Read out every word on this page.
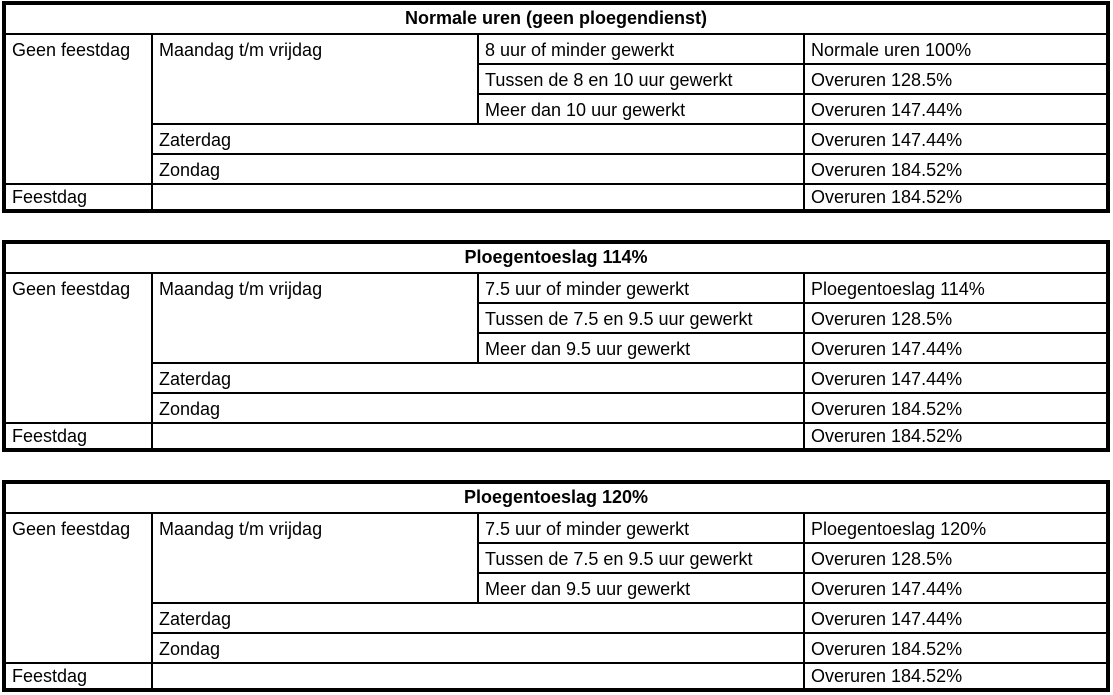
Normale uren (geen ploegendienst)			
Geen feestdag	Maandag t/m vrijdag	8 uur of minder gewerkt	Normale uren 100%
		Tussen de 8 en 10 uur gewerkt	Overuren 128.5%
		Meer dan 10 uur gewerkt	Overuren 147.44%
	Zaterdag		Overuren 147.44%
	Zondag		Overuren 184.52%
Feestdag			Overuren 184.52%
Ploegentoeslag 114%			
Geen feestdag	Maandag t/m vrijdag	7.5 uur of minder gewerkt	Ploegentoeslag 114%
		Tussen de 7.5 en 9.5 uur gewerkt	Overuren 128.5%
		Meer dan 9.5 uur gewerkt	Overuren 147.44%
	Zaterdag		Overuren 147.44%
	Zondag		Overuren 184.52%
Feestdag			Overuren 184.52%
Ploegentoeslag 120%			
Geen feestdag	Maandag t/m vrijdag	7.5 uur of minder gewerkt	Ploegentoeslag 120%
		Tussen de 7.5 en 9.5 uur gewerkt	Overuren 128.5%
		Meer dan 9.5 uur gewerkt	Overuren 147.44%
	Zaterdag		Overuren 147.44%
	Zondag		Overuren 184.52%
Feestdag			Overuren 184.52%
